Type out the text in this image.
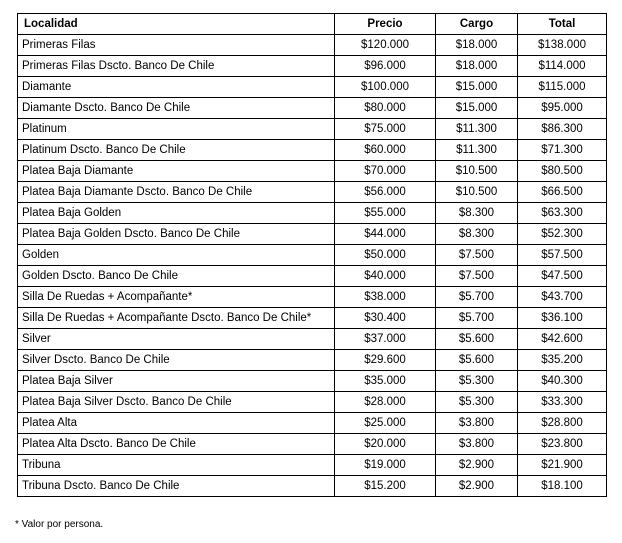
Localidad	Precio	Cargo	Total
Primeras Filas	$120.000	$18.000	$138.000
Primeras Filas Dscto. Banco De Chile	$96.000	$18.000	$114.000
Diamante	$100.000	$15.000	$115.000
Diamante Dscto. Banco De Chile	$80.000	$15.000	$95.000
Platinum	$75.000	$11.300	$86.300
Platinum Dscto. Banco De Chile	$60.000	$11.300	$71.300
Platea Baja Diamante	$70.000	$10.500	$80.500
Platea Baja Diamante Dscto. Banco De Chile	$56.000	$10.500	$66.500
Platea Baja Golden	$55.000	$8.300	$63.300
Platea Baja Golden Dscto. Banco De Chile	$44.000	$8.300	$52.300
Golden	$50.000	$7.500	$57.500
Golden Dscto. Banco De Chile	$40.000	$7.500	$47.500
Silla De Ruedas + Acompañante*	$38.000	$5.700	$43.700
Silla De Ruedas + Acompañante Dscto. Banco De Chile*	$30.400	$5.700	$36.100
Silver	$37.000	$5.600	$42.600
Silver Dscto. Banco De Chile	$29.600	$5.600	$35.200
Platea Baja Silver	$35.000	$5.300	$40.300
Platea Baja Silver Dscto. Banco De Chile	$28.000	$5.300	$33.300
Platea Alta	$25.000	$3.800	$28.800
Platea Alta Dscto. Banco De Chile	$20.000	$3.800	$23.800
Tribuna	$19.000	$2.900	$21.900
Tribuna Dscto. Banco De Chile	$15.200	$2.900	$18.100
* Valor por persona.
